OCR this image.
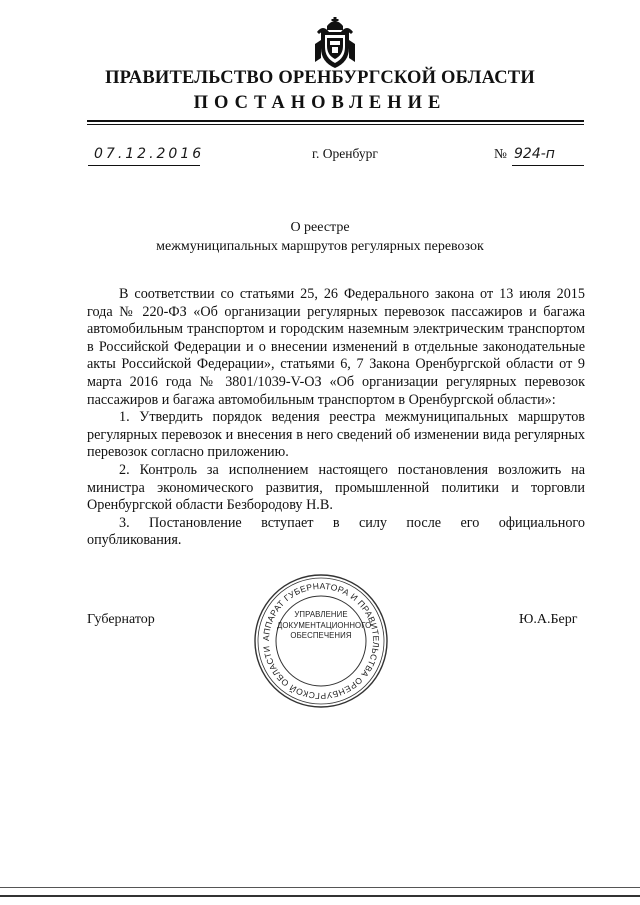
ПРАВИТЕЛЬСТВО ОРЕНБУРГСКОЙ ОБЛАСТИ
ПОСТАНОВЛЕНИЕ
07.12.2016	г. Оренбург	№ 924-п
О реестре
межмуниципальных маршрутов регулярных перевозок

В соответствии со статьями 25, 26 Федерального закона от 13 июля 2015 года № 220-ФЗ «Об организации регулярных перевозок пассажиров и багажа автомобильным транспортом и городским наземным электрическим транспортом в Российской Федерации и о внесении изменений в отдельные законодательные акты Российской Федерации», статьями 6, 7 Закона Оренбургской области от 9 марта 2016 года № 3801/1039-V-ОЗ «Об организации регулярных перевозок пассажиров и багажа автомобильным транспортом в Оренбургской области»:

1. Утвердить порядок ведения реестра межмуниципальных маршрутов регулярных перевозок и внесения в него сведений об изменении вида регулярных перевозок согласно приложению.

2. Контроль за исполнением настоящего постановления возложить на министра экономического развития, промышленной политики и торговли Оренбургской области Безбородову Н.В.

3. Постановление вступает в силу после его официального

опубликования.
Губернатор	Ю.А.Берг
АППАРАТ ГУБЕРНАТОРА И ПРАВИТЕЛЬСТВА ОРЕНБУРГСКОЙ ОБЛАСТИ
УПРАВЛЕНИЕ
ДОКУМЕНТАЦИОННОГО
ОБЕСПЕЧЕНИЯ
